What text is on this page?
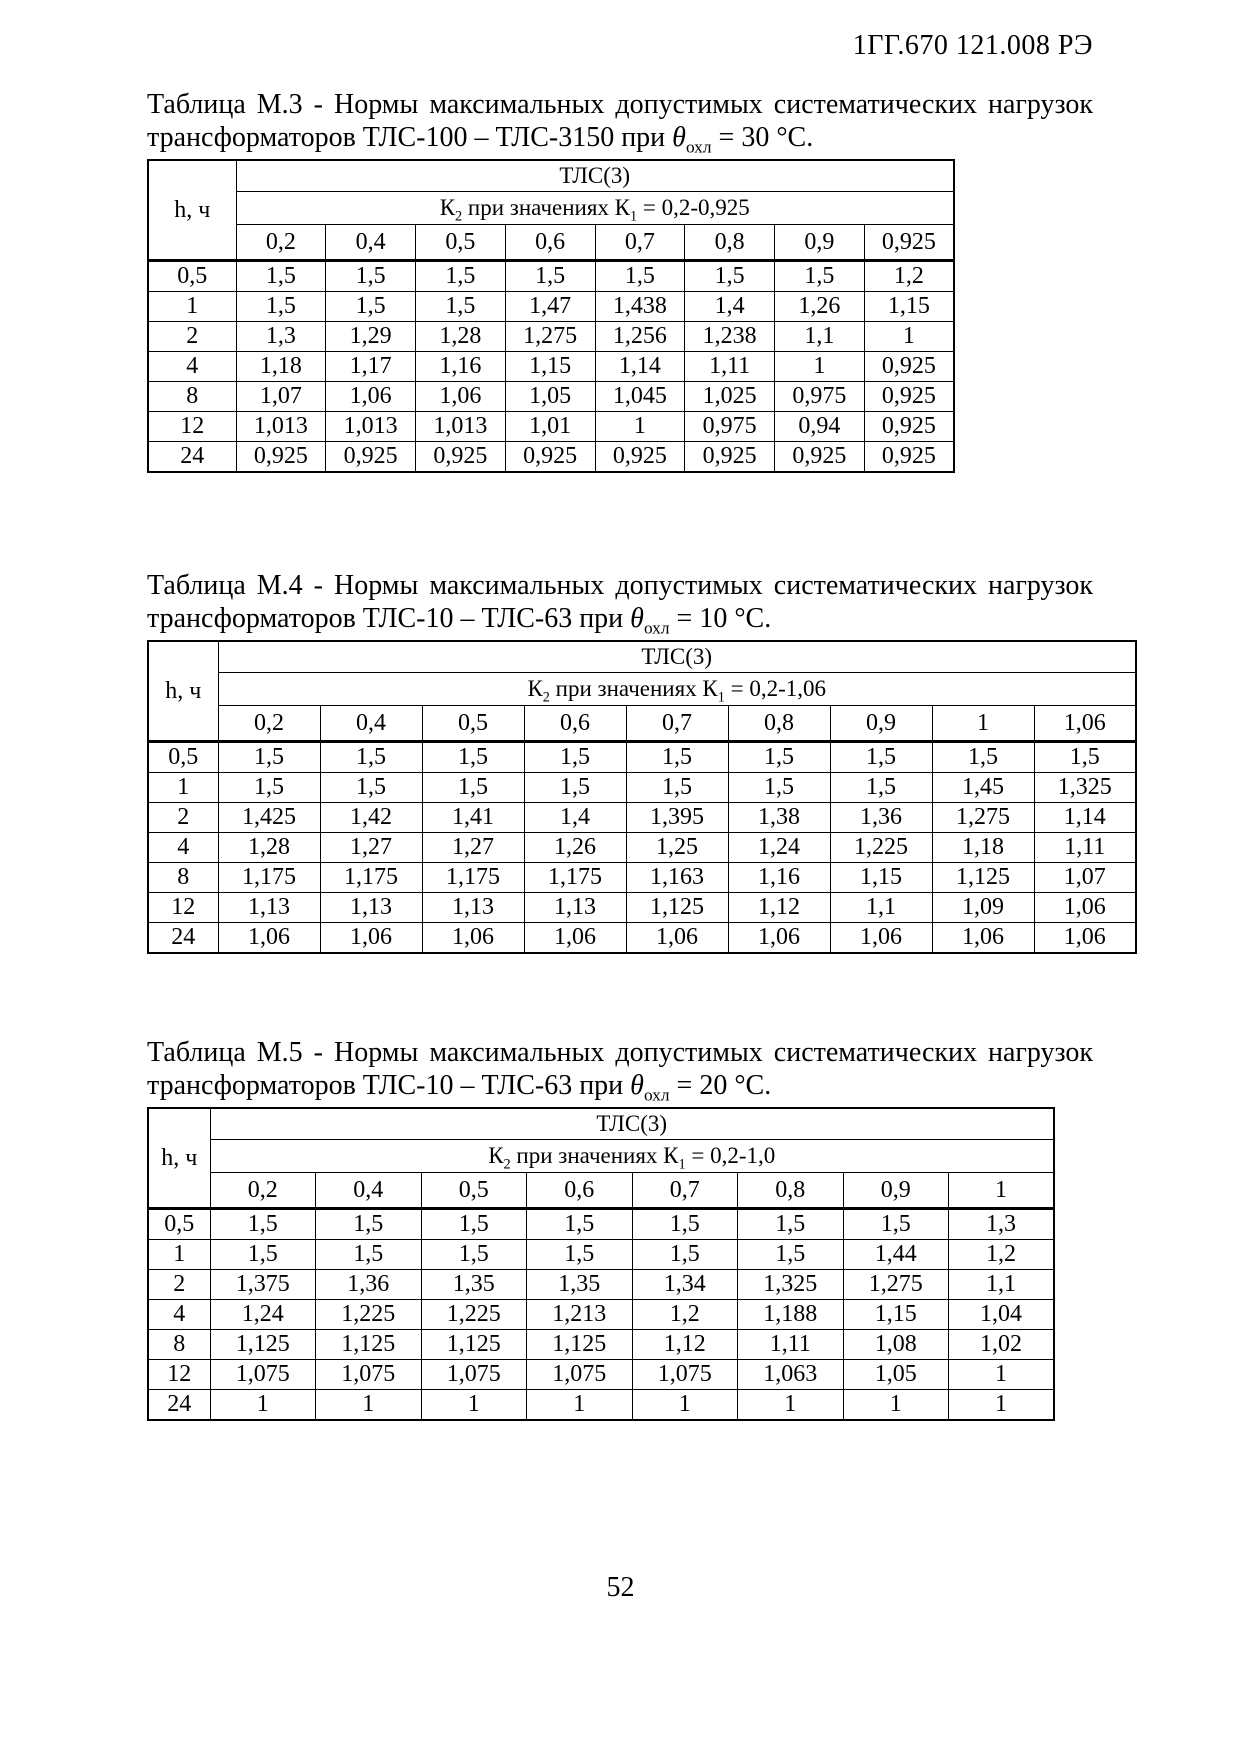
1ГГ.670 121.008 РЭ

Таблица М.3 - Нормы максимальных допустимых систематических нагрузок трансформаторов ТЛС-100 – ТЛС-3150 при $\theta_{охл} = 30$ °С.

h, ч	ТЛС(3)							
	$К_2$ при значениях $К_1 = 0,2-0,925$							
	0,2	0,4	0,5	0,6	0,7	0,8	0,9	0,925
0,5	1,5	1,5	1,5	1,5	1,5	1,5	1,5	1,2
1	1,5	1,5	1,5	1,47	1,438	1,4	1,26	1,15
2	1,3	1,29	1,28	1,275	1,256	1,238	1,1	1
4	1,18	1,17	1,16	1,15	1,14	1,11	1	0,925
8	1,07	1,06	1,06	1,05	1,045	1,025	0,975	0,925
12	1,013	1,013	1,013	1,01	1	0,975	0,94	0,925
24	0,925	0,925	0,925	0,925	0,925	0,925	0,925	0,925

Таблица М.4 - Нормы максимальных допустимых систематических нагрузок трансформаторов ТЛС-10 – ТЛС-63 при $\theta_{охл} = 10$ °С.

h, ч	ТЛС(3)								
	$К_2$ при значениях $К_1 = 0,2-1,06$								
	0,2	0,4	0,5	0,6	0,7	0,8	0,9	1	1,06
0,5	1,5	1,5	1,5	1,5	1,5	1,5	1,5	1,5	1,5
1	1,5	1,5	1,5	1,5	1,5	1,5	1,5	1,45	1,325
2	1,425	1,42	1,41	1,4	1,395	1,38	1,36	1,275	1,14
4	1,28	1,27	1,27	1,26	1,25	1,24	1,225	1,18	1,11
8	1,175	1,175	1,175	1,175	1,163	1,16	1,15	1,125	1,07
12	1,13	1,13	1,13	1,13	1,125	1,12	1,1	1,09	1,06
24	1,06	1,06	1,06	1,06	1,06	1,06	1,06	1,06	1,06

Таблица М.5 - Нормы максимальных допустимых систематических нагрузок трансформаторов ТЛС-10 – ТЛС-63 при $\theta_{охл} = 20$ °С.

h, ч	ТЛС(3)							
	$К_2$ при значениях $К_1 = 0,2-1,0$							
	0,2	0,4	0,5	0,6	0,7	0,8	0,9	1
0,5	1,5	1,5	1,5	1,5	1,5	1,5	1,5	1,3
1	1,5	1,5	1,5	1,5	1,5	1,5	1,44	1,2
2	1,375	1,36	1,35	1,35	1,34	1,325	1,275	1,1
4	1,24	1,225	1,225	1,213	1,2	1,188	1,15	1,04
8	1,125	1,125	1,125	1,125	1,12	1,11	1,08	1,02
12	1,075	1,075	1,075	1,075	1,075	1,063	1,05	1
24	1	1	1	1	1	1	1	1
52
